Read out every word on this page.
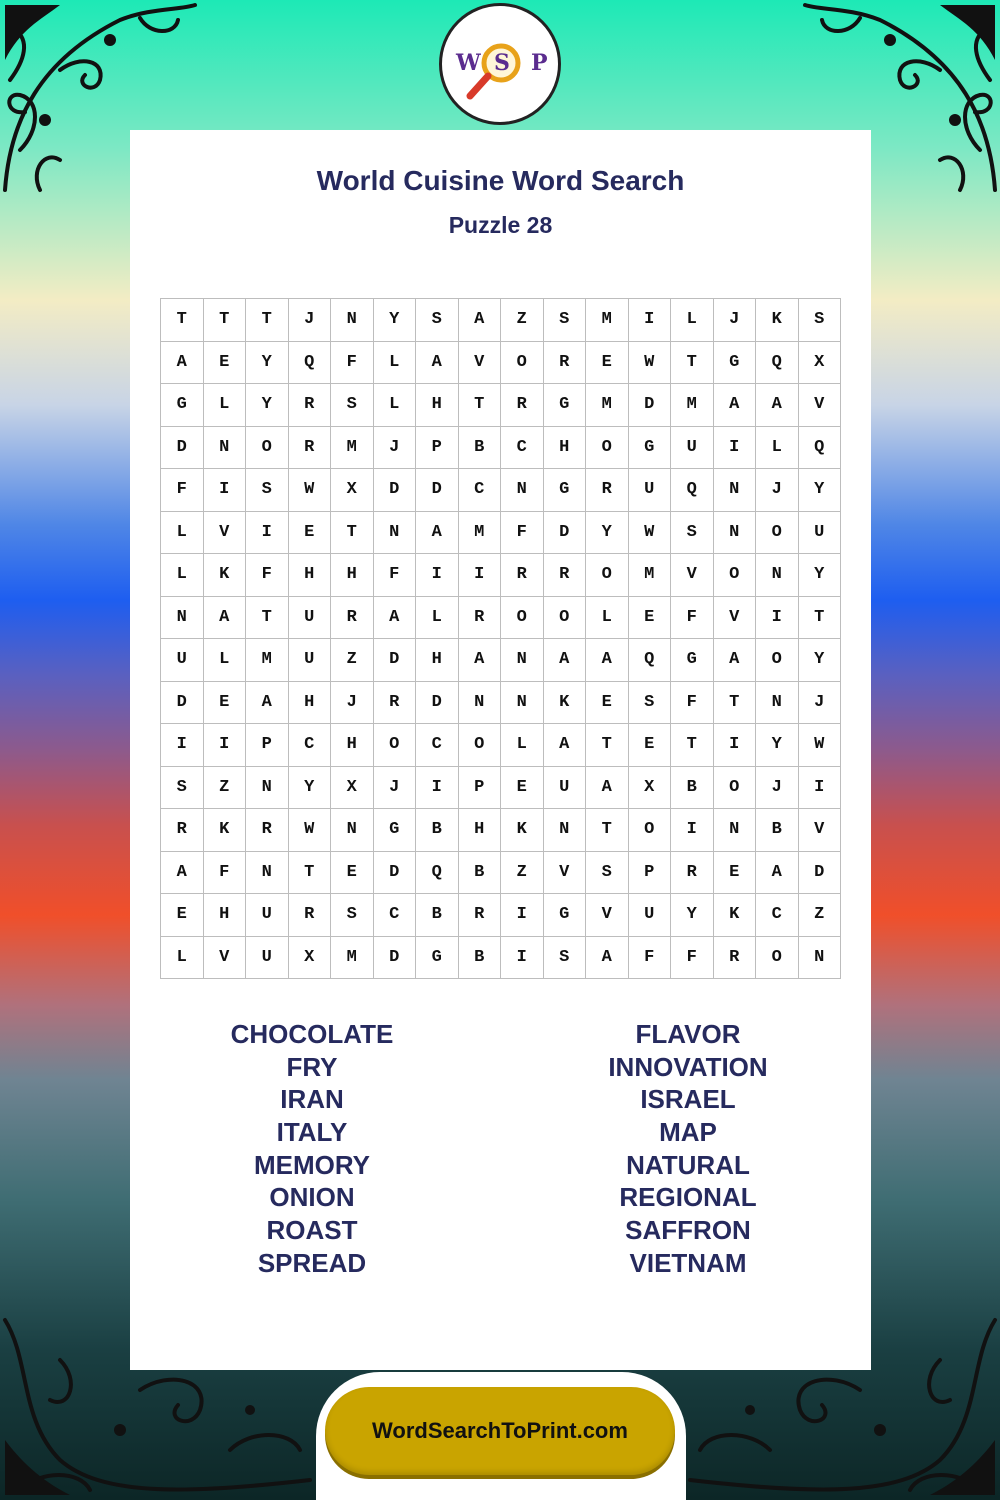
W S P
World Cuisine Word Search
Puzzle 28
T	T	T	J	N	Y	S	A	Z	S	M	I	L	J	K	S
A	E	Y	Q	F	L	A	V	O	R	E	W	T	G	Q	X
G	L	Y	R	S	L	H	T	R	G	M	D	M	A	A	V
D	N	O	R	M	J	P	B	C	H	O	G	U	I	L	Q
F	I	S	W	X	D	D	C	N	G	R	U	Q	N	J	Y
L	V	I	E	T	N	A	M	F	D	Y	W	S	N	O	U
L	K	F	H	H	F	I	I	R	R	O	M	V	O	N	Y
N	A	T	U	R	A	L	R	O	O	L	E	F	V	I	T
U	L	M	U	Z	D	H	A	N	A	A	Q	G	A	O	Y
D	E	A	H	J	R	D	N	N	K	E	S	F	T	N	J
I	I	P	C	H	O	C	O	L	A	T	E	T	I	Y	W
S	Z	N	Y	X	J	I	P	E	U	A	X	B	O	J	I
R	K	R	W	N	G	B	H	K	N	T	O	I	N	B	V
A	F	N	T	E	D	Q	B	Z	V	S	P	R	E	A	D
E	H	U	R	S	C	B	R	I	G	V	U	Y	K	C	Z
L	V	U	X	M	D	G	B	I	S	A	F	F	R	O	N
CHOCOLATE
FRY
IRAN
ITALY
MEMORY
ONION
ROAST
SPREAD
FLAVOR
INNOVATION
ISRAEL
MAP
NATURAL
REGIONAL
SAFFRON
VIETNAM
WordSearchToPrint.com
